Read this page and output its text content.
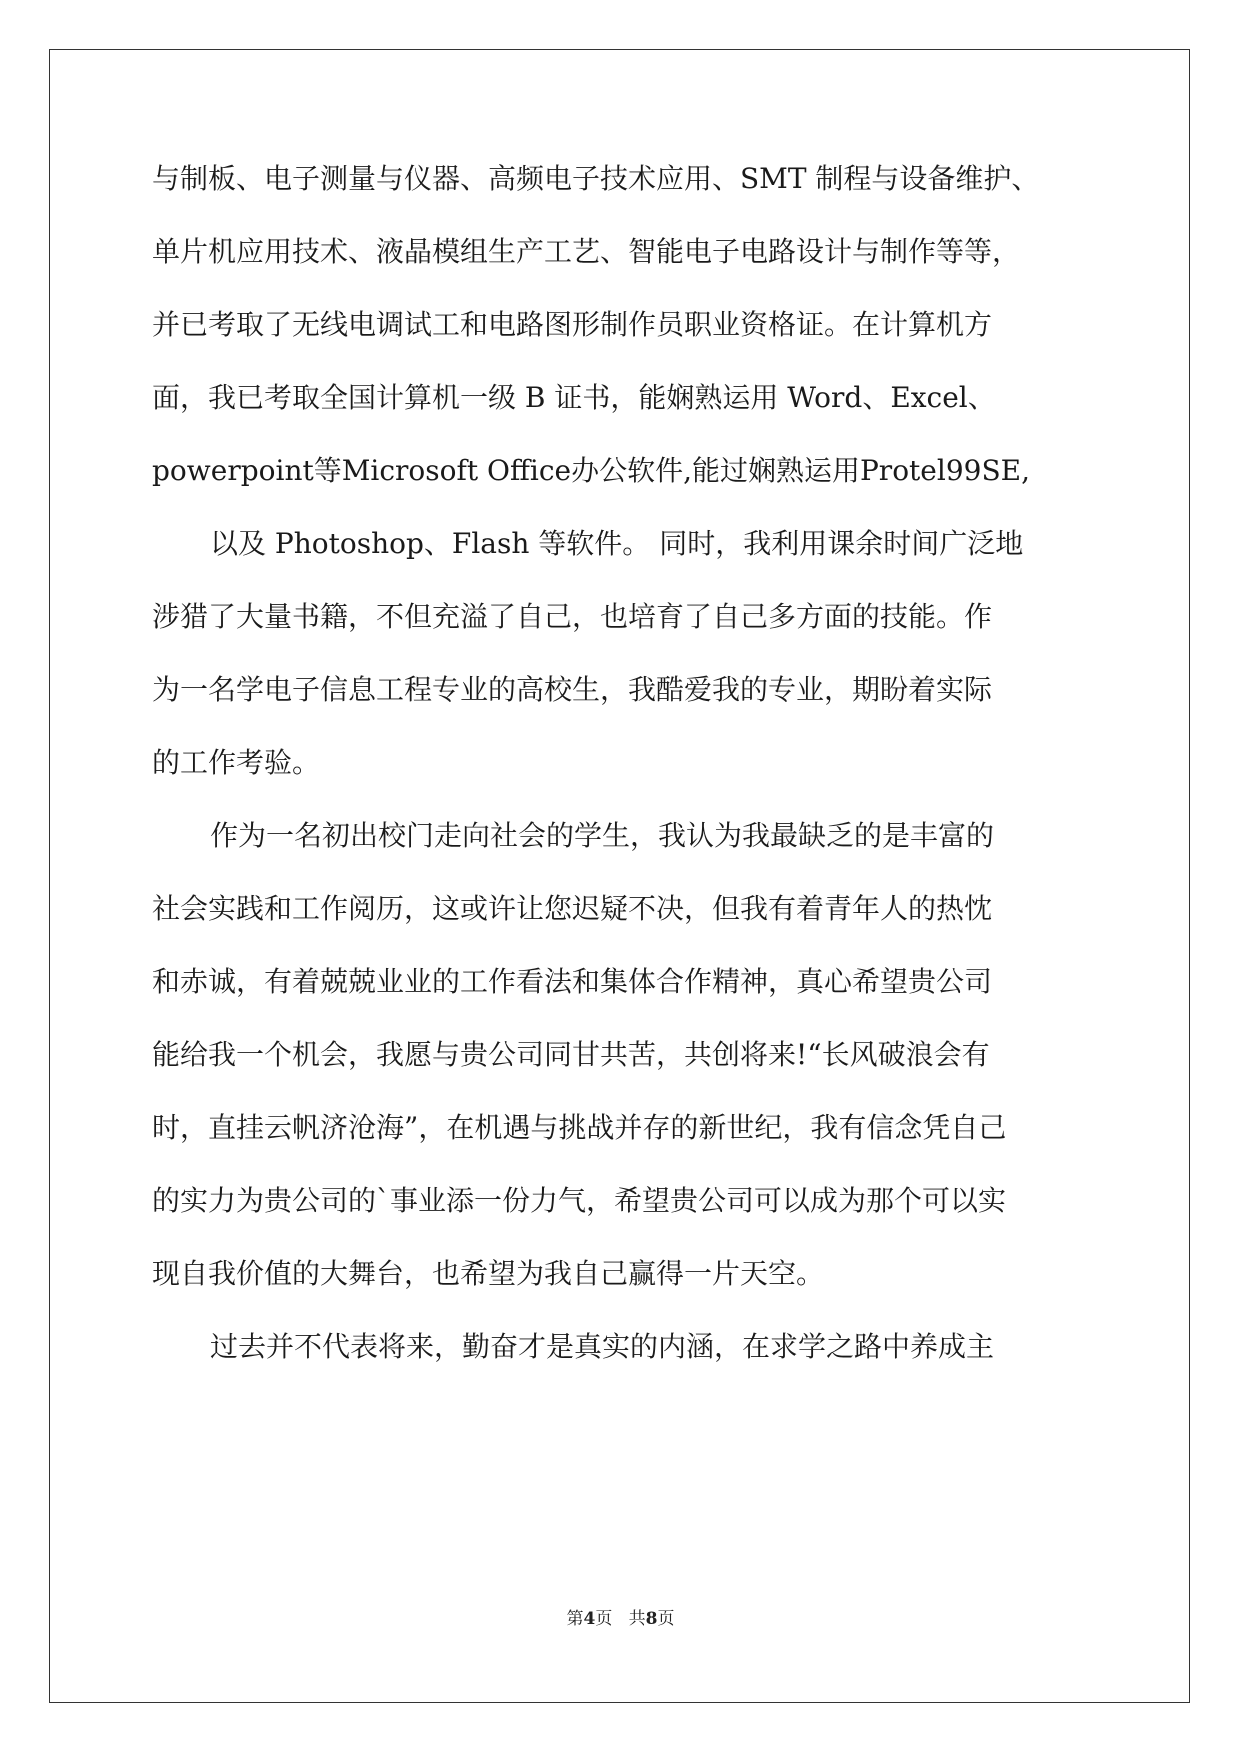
与制板、电子测量与仪器、高频电子技术应用、SMT 制程与设备维护、
单片机应用技术、液晶模组生产工艺、智能电子电路设计与制作等等，
并已考取了无线电调试工和电路图形制作员职业资格证。在计算机方
面，我已考取全国计算机一级 B 证书，能娴熟运用 Word、Excel、
powerpoint等Microsoft Office办公软件,能过娴熟运用Protel99SE,
以及 Photoshop、Flash 等软件。 同时，我利用课余时间广泛地
涉猎了大量书籍，不但充溢了自己，也培育了自己多方面的技能。作
为一名学电子信息工程专业的高校生，我酷爱我的专业，期盼着实际
的工作考验。
作为一名初出校门走向社会的学生，我认为我最缺乏的是丰富的
社会实践和工作阅历，这或许让您迟疑不决，但我有着青年人的热忱
和赤诚，有着兢兢业业的工作看法和集体合作精神，真心希望贵公司
能给我一个机会，我愿与贵公司同甘共苦，共创将来!“长风破浪会有
时，直挂云帆济沧海”，在机遇与挑战并存的新世纪，我有信念凭自己
的实力为贵公司的`事业添一份力气，希望贵公司可以成为那个可以实
现自我价值的大舞台，也希望为我自己赢得一片天空。
过去并不代表将来，勤奋才是真实的内涵，在求学之路中养成主
第4页 共8页
